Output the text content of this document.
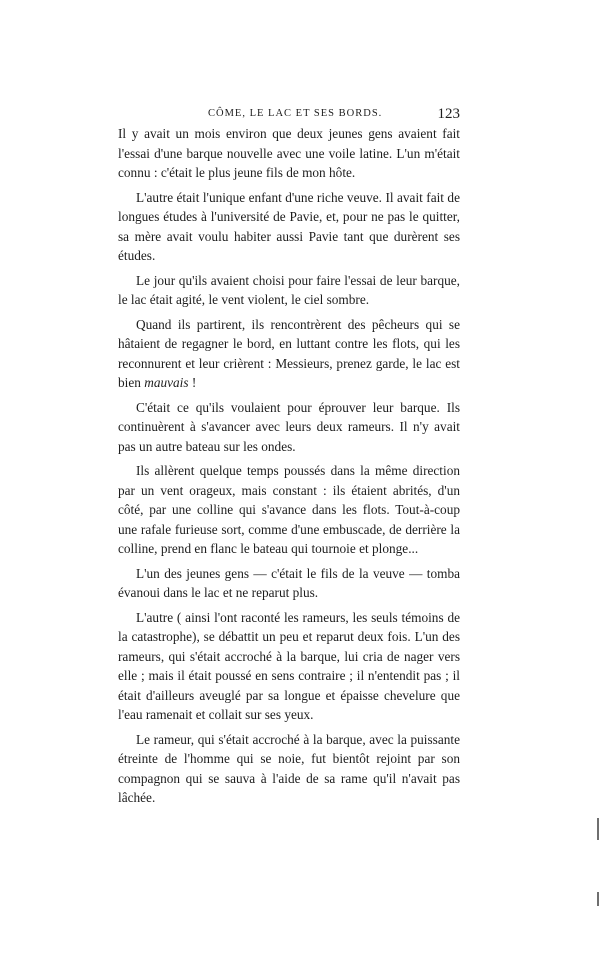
CÔME, LE LAC ET SES BORDS.	123

Il y avait un mois environ que deux jeunes gens avaient fait l'essai d'une barque nouvelle avec une voile latine. L'un m'était connu : c'était le plus jeune fils de mon hôte.

L'autre était l'unique enfant d'une riche veuve. Il avait fait de longues études à l'université de Pavie, et, pour ne pas le quitter, sa mère avait voulu habiter aussi Pavie tant que durèrent ses études.

Le jour qu'ils avaient choisi pour faire l'essai de leur barque, le lac était agité, le vent violent, le ciel sombre.

Quand ils partirent, ils rencontrèrent des pêcheurs qui se hâtaient de regagner le bord, en luttant contre les flots, qui les reconnurent et leur crièrent : Messieurs, prenez garde, le lac est bien mauvais !

C'était ce qu'ils voulaient pour éprouver leur barque. Ils continuèrent à s'avancer avec leurs deux rameurs. Il n'y avait pas un autre bateau sur les ondes.

Ils allèrent quelque temps poussés dans la même direction par un vent orageux, mais constant : ils étaient abrités, d'un côté, par une colline qui s'avance dans les flots. Tout-à-coup une rafale furieuse sort, comme d'une embuscade, de derrière la colline, prend en flanc le bateau qui tournoie et plonge...

L'un des jeunes gens — c'était le fils de la veuve — tomba évanoui dans le lac et ne reparut plus.

L'autre ( ainsi l'ont raconté les rameurs, les seuls témoins de la catastrophe), se débattit un peu et reparut deux fois. L'un des rameurs, qui s'était accroché à la barque, lui cria de nager vers elle ; mais il était poussé en sens contraire ; il n'entendit pas ; il était d'ailleurs aveuglé par sa longue et épaisse chevelure que l'eau ramenait et collait sur ses yeux.

Le rameur, qui s'était accroché à la barque, avec la puissante étreinte de l'homme qui se noie, fut bientôt rejoint par son compagnon qui se sauva à l'aide de sa rame qu'il n'avait pas lâchée.
